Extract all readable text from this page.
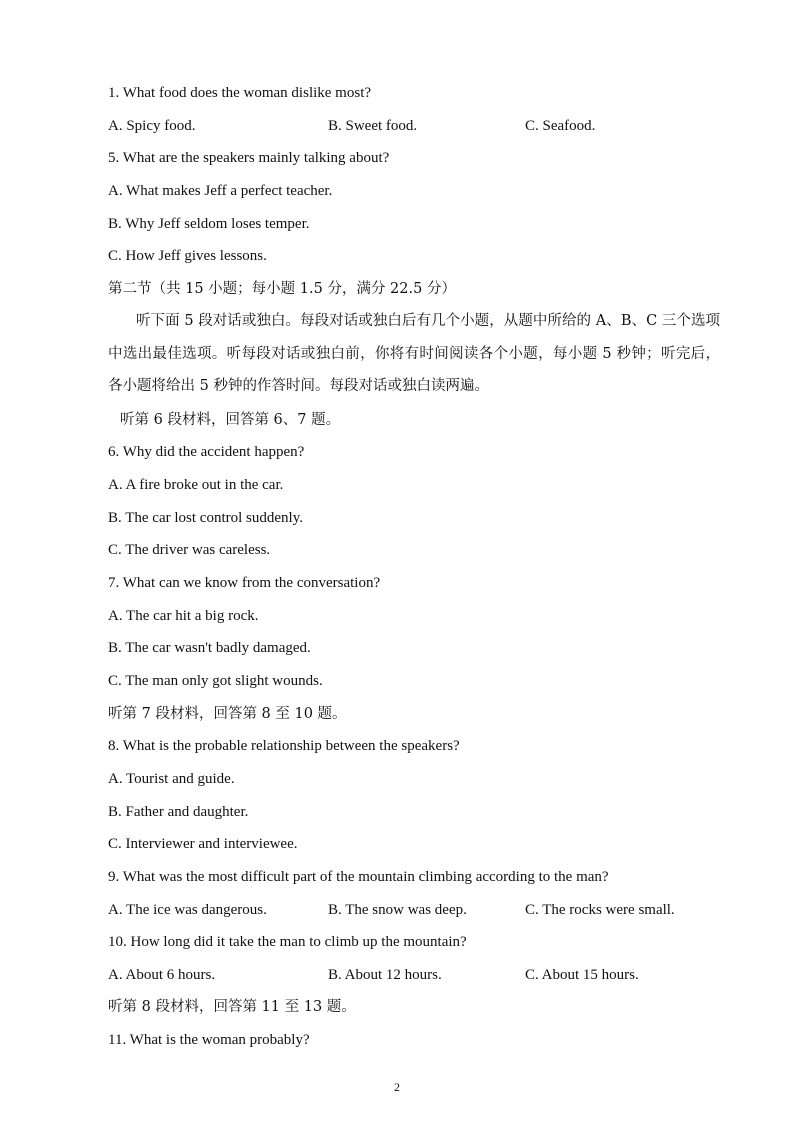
1. What food does the woman dislike most?
A. Spicy food.	B. Sweet food.	C. Seafood.
5. What are the speakers mainly talking about?
A. What makes Jeff a perfect teacher.
B. Why Jeff seldom loses temper.
C. How Jeff gives lessons.
第二节（共 15 小题；每小题 1.5 分，满分 22.5 分）
听下面 5 段对话或独白。每段对话或独白后有几个小题，从题中所给的 A、B、C 三个选项中选出最佳选项。听每段对话或独白前，你将有时间阅读各个小题，每小题 5 秒钟；听完后，各小题将给出 5 秒钟的作答时间。每段对话或独白读两遍。
听第 6 段材料，回答第 6、7 题。
6. Why did the accident happen?
A. A fire broke out in the car.
B. The car lost control suddenly.
C. The driver was careless.
7. What can we know from the conversation?
A. The car hit a big rock.
B. The car wasn't badly damaged.
C. The man only got slight wounds.
听第 7 段材料，回答第 8 至 10 题。
8. What is the probable relationship between the speakers?
A. Tourist and guide.
B. Father and daughter.
C. Interviewer and interviewee.
9. What was the most difficult part of the mountain climbing according to the man?
A. The ice was dangerous.	B. The snow was deep.	C. The rocks were small.
10. How long did it take the man to climb up the mountain?
A. About 6 hours.	B. About 12 hours.	C. About 15 hours.
听第 8 段材料，回答第 11 至 13 题。
11. What is the woman probably?
2
